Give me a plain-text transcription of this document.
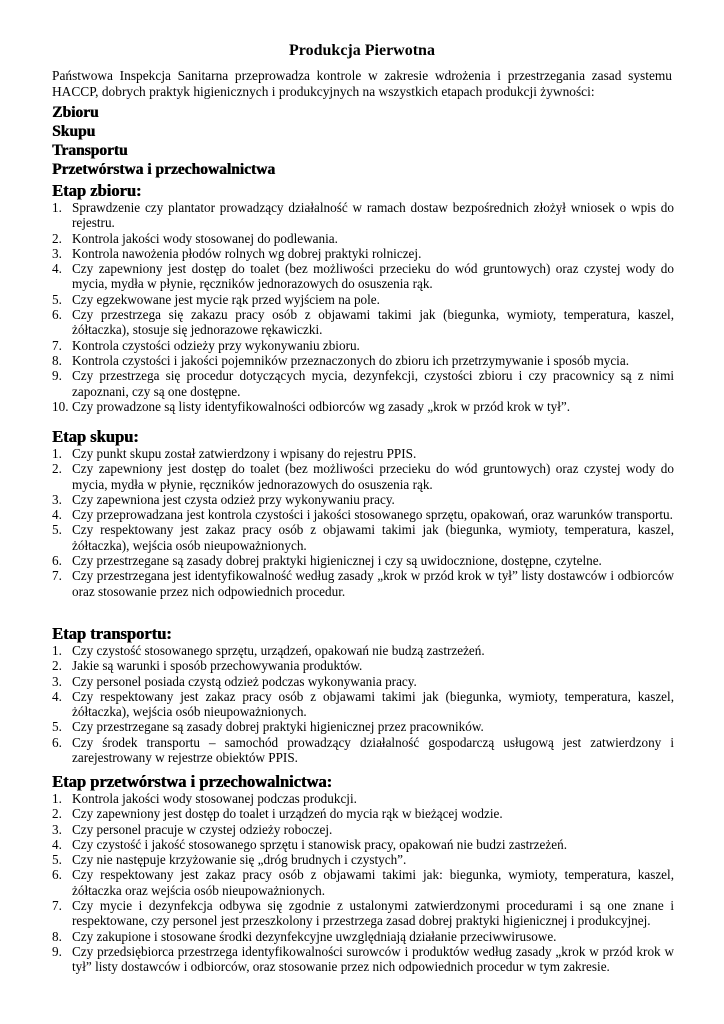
Produkcja Pierwotna
Państwowa Inspekcja Sanitarna przeprowadza kontrole w zakresie wdrożenia i przestrzegania zasad systemu HACCP, dobrych praktyk higienicznych i produkcyjnych na wszystkich etapach produkcji żywności:
Zbioru
Skupu
Transportu
Przetwórstwa i przechowalnictwa
Etap zbioru:
1. Sprawdzenie czy plantator prowadzący działalność w ramach dostaw bezpośrednich złożył wniosek o wpis do rejestru.
2. Kontrola jakości wody stosowanej do podlewania.
3. Kontrola nawożenia płodów rolnych wg dobrej praktyki rolniczej.
4. Czy zapewniony jest dostęp do toalet (bez możliwości przecieku do wód gruntowych) oraz czystej wody do mycia, mydła w płynie, ręczników jednorazowych do osuszenia rąk.
5. Czy egzekwowane jest mycie rąk przed wyjściem na pole.
6. Czy przestrzega się zakazu pracy osób z objawami takimi jak (biegunka, wymioty, temperatura, kaszel, żółtaczka), stosuje się jednorazowe rękawiczki.
7. Kontrola czystości odzieży przy wykonywaniu zbioru.
8. Kontrola czystości i jakości pojemników przeznaczonych do zbioru ich przetrzymywanie i sposób mycia.
9. Czy przestrzega się procedur dotyczących mycia, dezynfekcji, czystości zbioru i czy pracownicy są z nimi zapoznani, czy są one dostępne.
10. Czy prowadzone są listy identyfikowalności odbiorców wg zasady „krok w przód krok w tył”.
Etap skupu:
1. Czy punkt skupu został zatwierdzony i wpisany do rejestru PPIS.
2. Czy zapewniony jest dostęp do toalet (bez możliwości przecieku do wód gruntowych) oraz czystej wody do mycia, mydła w płynie, ręczników jednorazowych do osuszenia rąk.
3. Czy zapewniona jest czysta odzież przy wykonywaniu pracy.
4. Czy przeprowadzana jest kontrola czystości i jakości stosowanego sprzętu, opakowań, oraz warunków transportu.
5. Czy respektowany jest zakaz pracy osób z objawami takimi jak (biegunka, wymioty, temperatura, kaszel, żółtaczka), wejścia osób nieupoważnionych.
6. Czy przestrzegane są zasady dobrej praktyki higienicznej i czy są uwidocznione, dostępne, czytelne.
7. Czy przestrzegana jest identyfikowalność według zasady „krok w przód krok w tył” listy dostawców i odbiorców oraz stosowanie przez nich odpowiednich procedur.
Etap transportu:
1. Czy czystość stosowanego sprzętu, urządzeń, opakowań nie budzą zastrzeżeń.
2. Jakie są warunki i sposób przechowywania produktów.
3. Czy personel posiada czystą odzież podczas wykonywania pracy.
4. Czy respektowany jest zakaz pracy osób z objawami takimi jak (biegunka, wymioty, temperatura, kaszel, żółtaczka), wejścia osób nieupoważnionych.
5. Czy przestrzegane są zasady dobrej praktyki higienicznej przez pracowników.
6. Czy środek transportu – samochód prowadzący działalność gospodarczą usługową jest zatwierdzony i zarejestrowany w rejestrze obiektów PPIS.
Etap przetwórstwa i przechowalnictwa:
1. Kontrola jakości wody stosowanej podczas produkcji.
2. Czy zapewniony jest dostęp do toalet i urządzeń do mycia rąk w bieżącej wodzie.
3. Czy personel pracuje w czystej odzieży roboczej.
4. Czy czystość i jakość stosowanego sprzętu i stanowisk pracy, opakowań nie budzi zastrzeżeń.
5. Czy nie następuje krzyżowanie się „dróg brudnych i czystych”.
6. Czy respektowany jest zakaz pracy osób z objawami takimi jak: biegunka, wymioty, temperatura, kaszel, żółtaczka oraz wejścia osób nieupoważnionych.
7. Czy mycie i dezynfekcja odbywa się zgodnie z ustalonymi zatwierdzonymi procedurami i są one znane i respektowane, czy personel jest przeszkolony i przestrzega zasad dobrej praktyki higienicznej i produkcyjnej.
8. Czy zakupione i stosowane środki dezynfekcyjne uwzględniają działanie przeciwwirusowe.
9. Czy przedsiębiorca przestrzega identyfikowalności surowców i produktów według zasady „krok w przód krok w tył” listy dostawców i odbiorców, oraz stosowanie przez nich odpowiednich procedur w tym zakresie.
